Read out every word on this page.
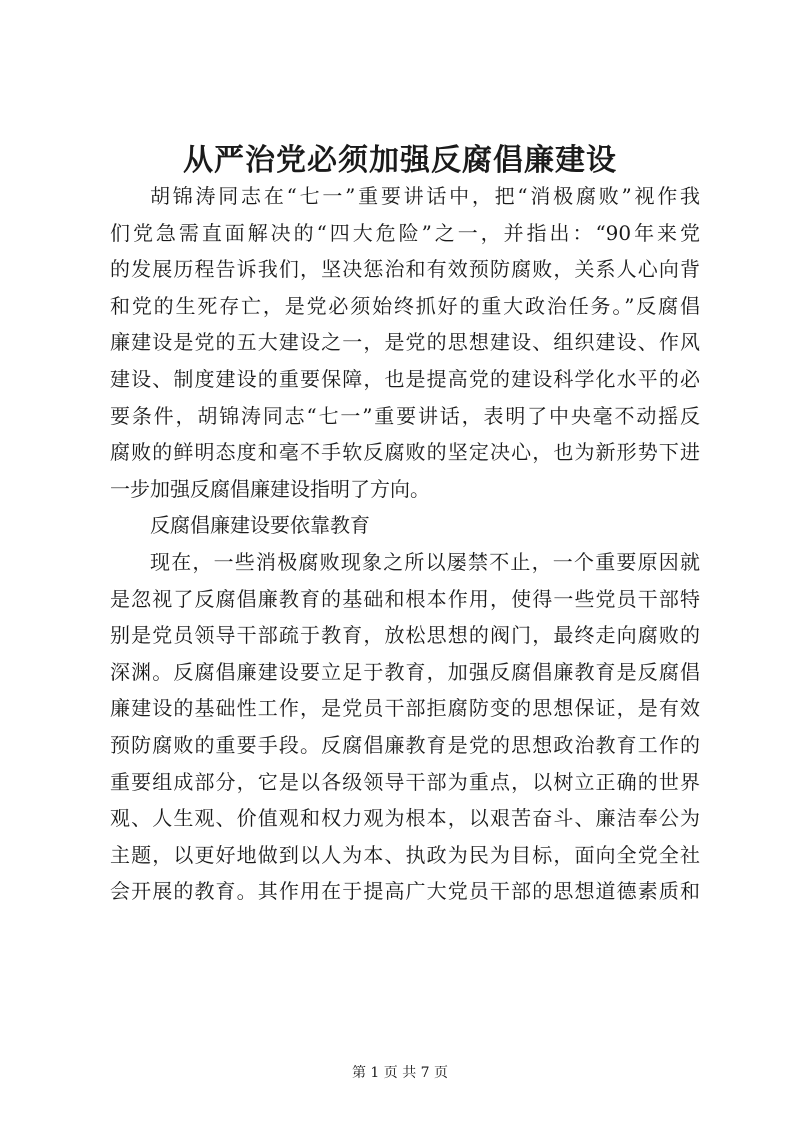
从严治党必须加强反腐倡廉建设
胡锦涛同志在“七一”重要讲话中，把“消极腐败”视作我
们党急需直面解决的“四大危险”之一，并指出：“90年来党
的发展历程告诉我们，坚决惩治和有效预防腐败，关系人心向背
和党的生死存亡，是党必须始终抓好的重大政治任务。”反腐倡
廉建设是党的五大建设之一，是党的思想建设、组织建设、作风
建设、制度建设的重要保障，也是提高党的建设科学化水平的必
要条件，胡锦涛同志“七一”重要讲话，表明了中央毫不动摇反
腐败的鲜明态度和毫不手软反腐败的坚定决心，也为新形势下进
一步加强反腐倡廉建设指明了方向。
反腐倡廉建设要依靠教育
现在，一些消极腐败现象之所以屡禁不止，一个重要原因就
是忽视了反腐倡廉教育的基础和根本作用，使得一些党员干部特
别是党员领导干部疏于教育，放松思想的阀门，最终走向腐败的
深渊。反腐倡廉建设要立足于教育，加强反腐倡廉教育是反腐倡
廉建设的基础性工作，是党员干部拒腐防变的思想保证，是有效
预防腐败的重要手段。反腐倡廉教育是党的思想政治教育工作的
重要组成部分，它是以各级领导干部为重点，以树立正确的世界
观、人生观、价值观和权力观为根本，以艰苦奋斗、廉洁奉公为
主题，以更好地做到以人为本、执政为民为目标，面向全党全社
会开展的教育。其作用在于提高广大党员干部的思想道德素质和
第 1 页 共 7 页
